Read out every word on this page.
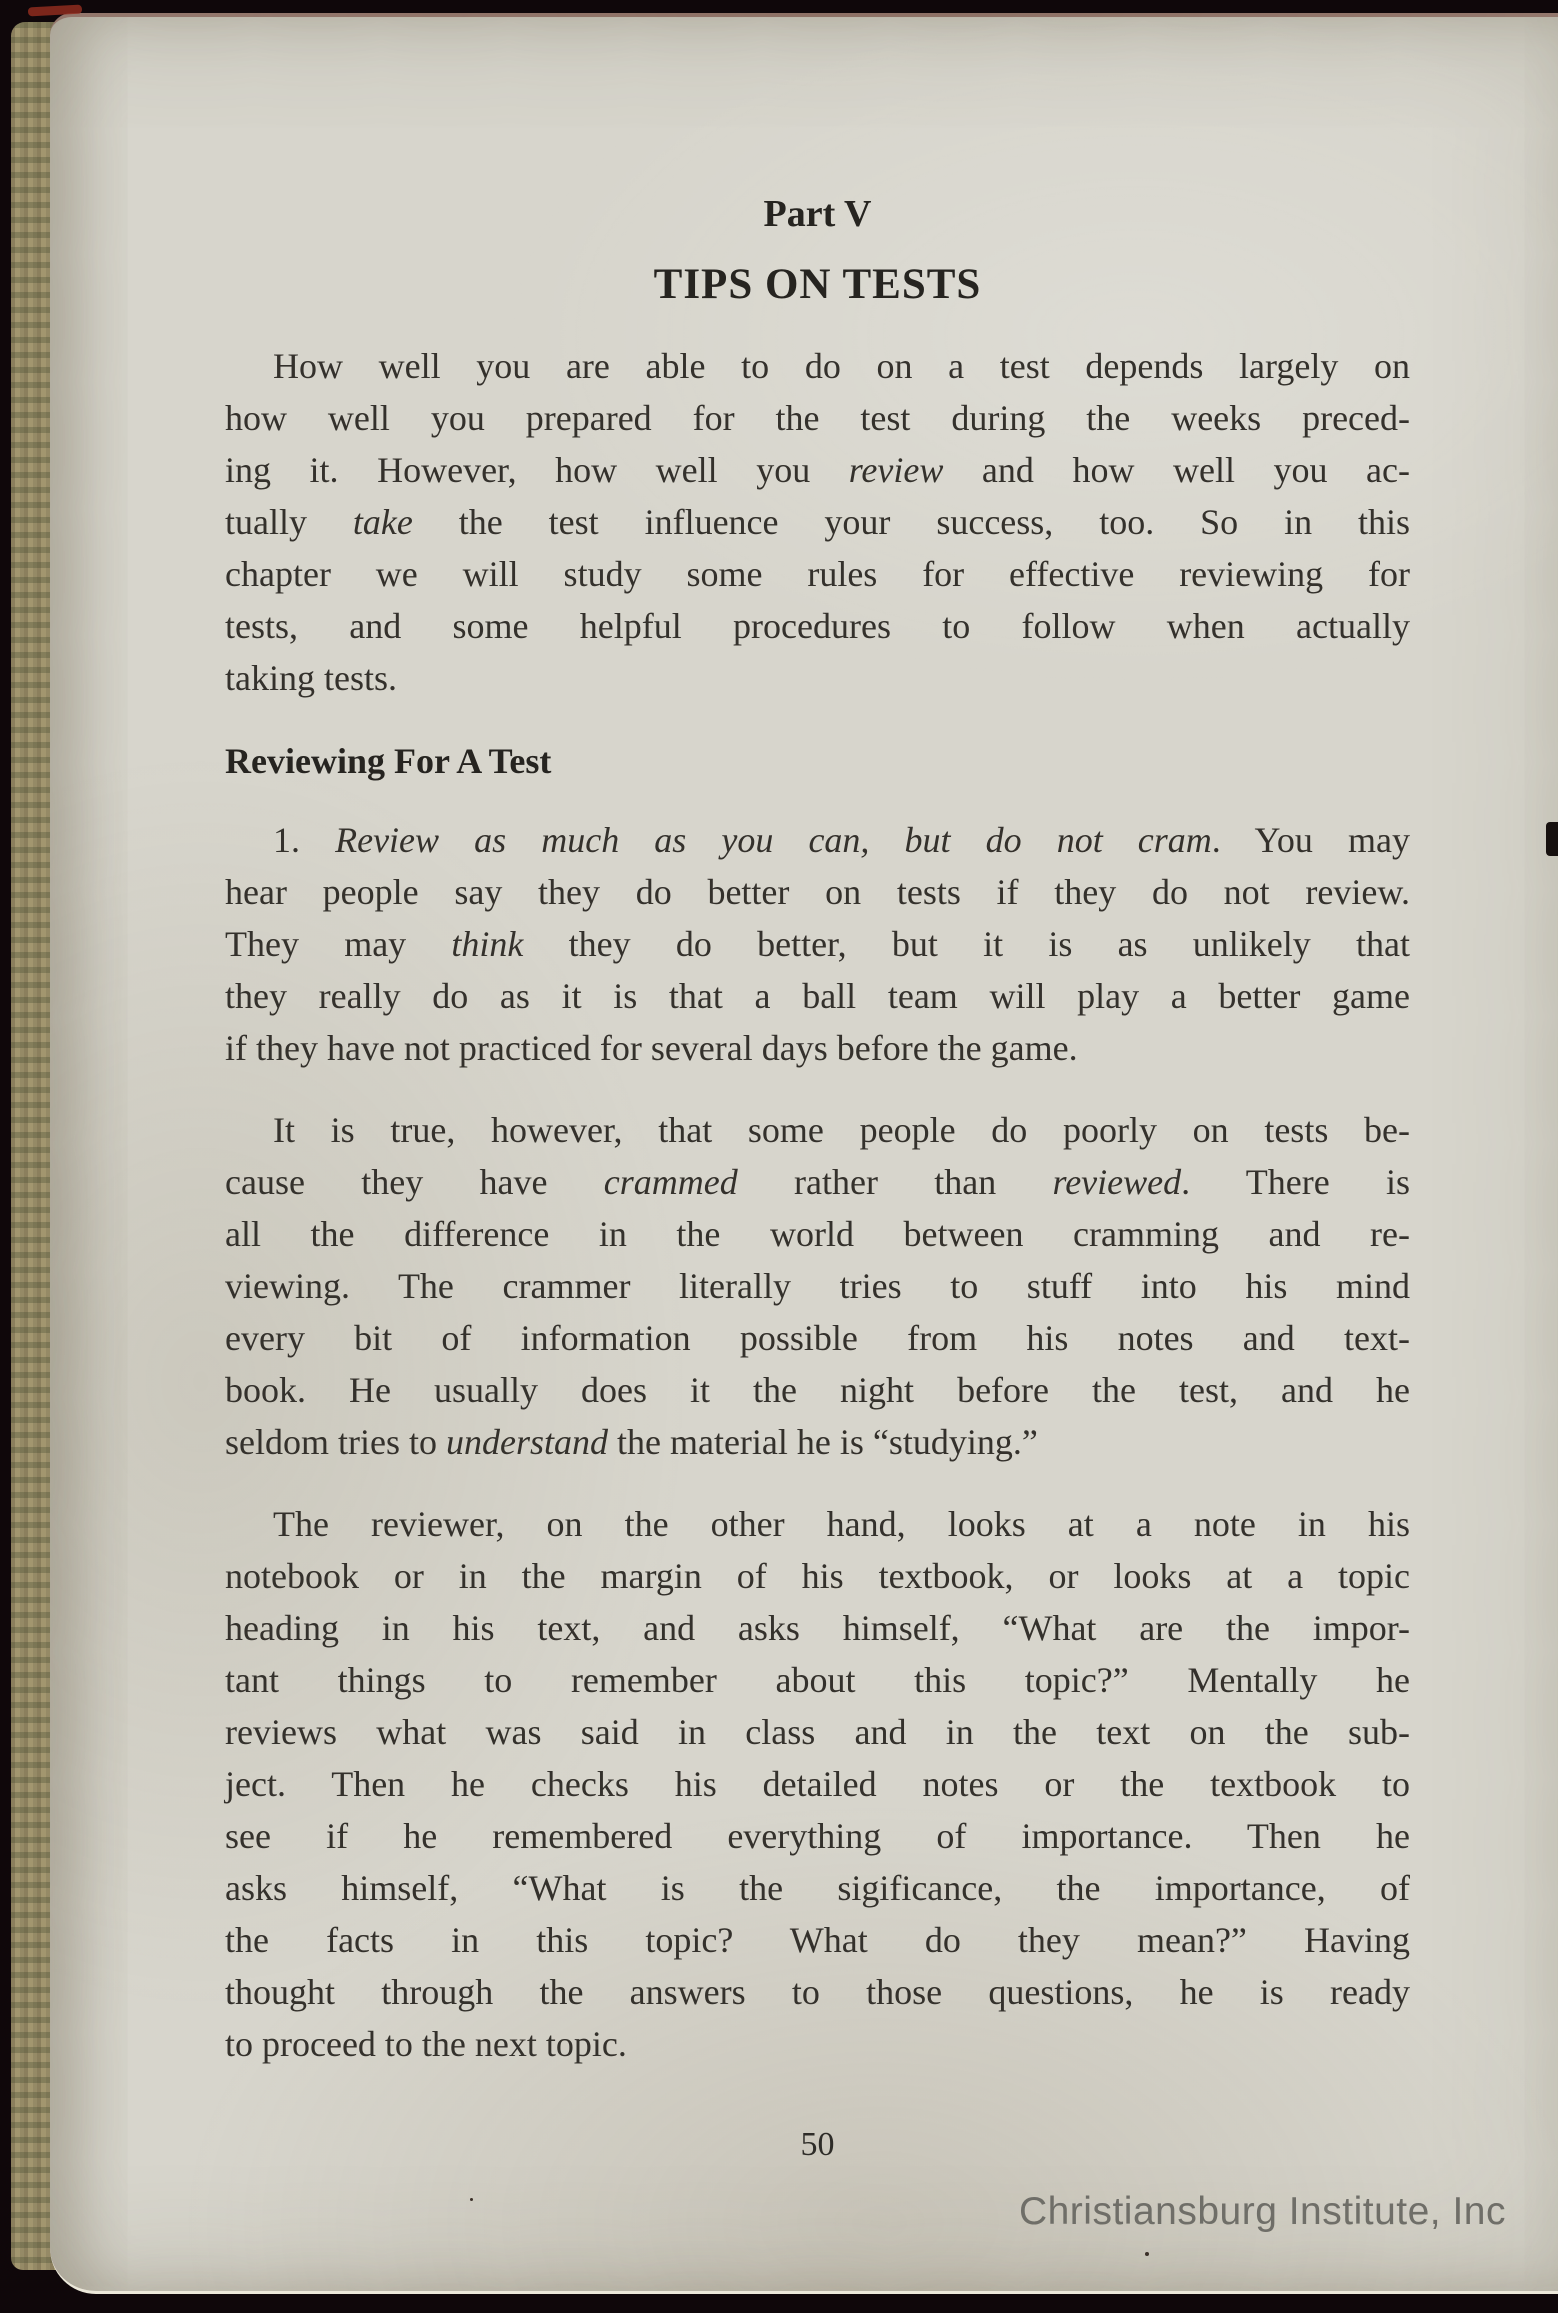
Part V
TIPS ON TESTS
How well you are able to do on a test depends largely on
how well you prepared for the test during the weeks preced-
ing it. However, how well you review and how well you ac-
tually take the test influence your success, too. So in this
chapter we will study some rules for effective reviewing for
tests, and some helpful procedures to follow when actually
taking tests.
Reviewing For A Test
1. Review as much as you can, but do not cram. You may
hear people say they do better on tests if they do not review.
They may think they do better, but it is as unlikely that
they really do as it is that a ball team will play a better game
if they have not practiced for several days before the game.
It is true, however, that some people do poorly on tests be-
cause they have crammed rather than reviewed. There is
all the difference in the world between cramming and re-
viewing. The crammer literally tries to stuff into his mind
every bit of information possible from his notes and text-
book. He usually does it the night before the test, and he
seldom tries to understand the material he is “studying.”
The reviewer, on the other hand, looks at a note in his
notebook or in the margin of his textbook, or looks at a topic
heading in his text, and asks himself, “What are the impor-
tant things to remember about this topic?” Mentally he
reviews what was said in class and in the text on the sub-
ject. Then he checks his detailed notes or the textbook to
see if he remembered everything of importance. Then he
asks himself, “What is the sigificance, the importance, of
the facts in this topic? What do they mean?” Having
thought through the answers to those questions, he is ready
to proceed to the next topic.
50
Christiansburg Institute, Inc
